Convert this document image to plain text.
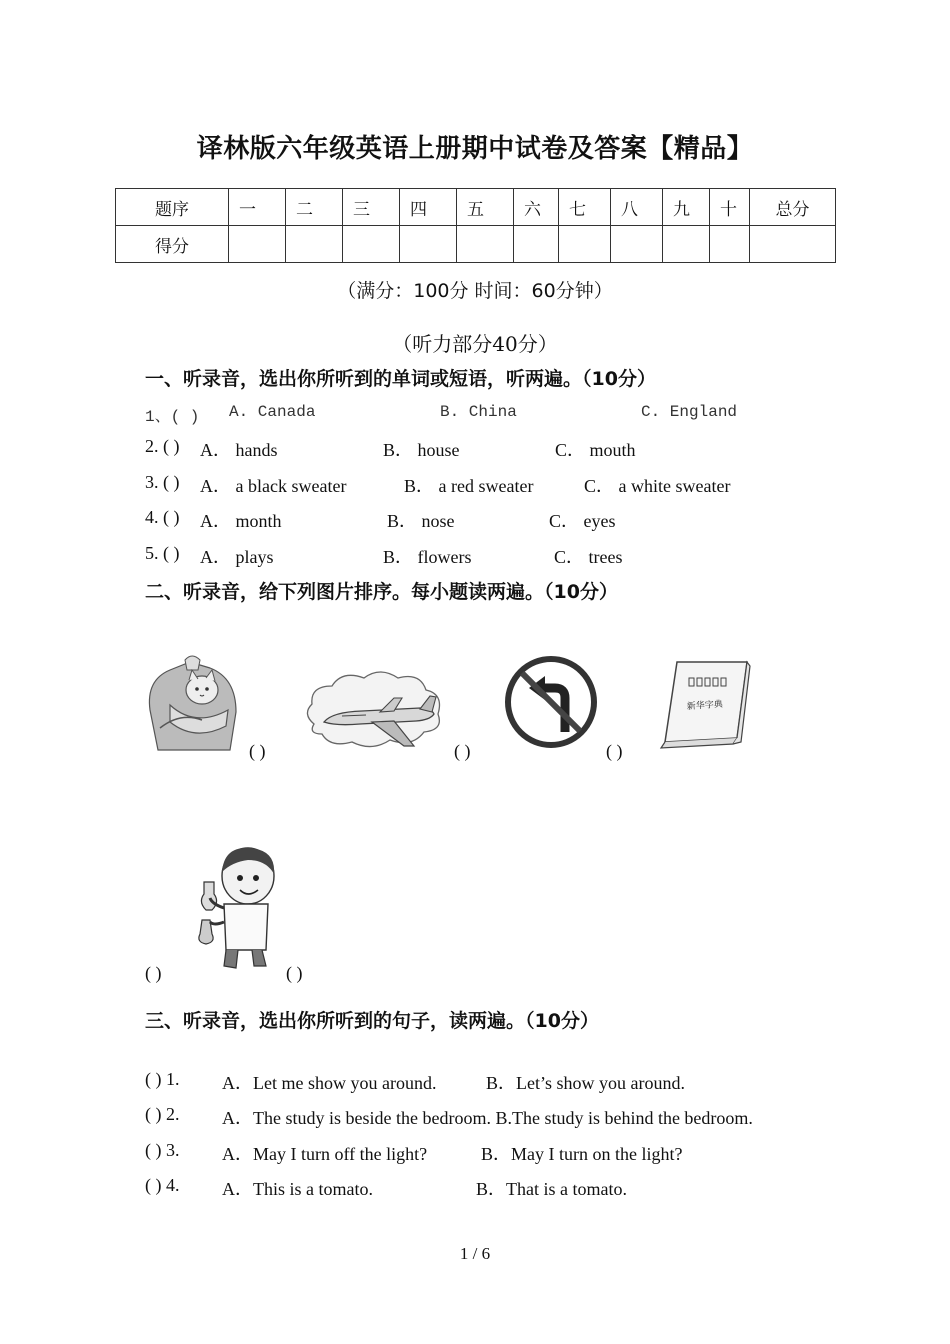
译林版六年级英语上册期中试卷及答案【精品】
题序	一	二	三	四	五	六	七	八	九	十	总分
得分											
（满分：100分 时间：60分钟）
（听力部分40分）
一、听录音，选出你所听到的单词或短语，听两遍。（10分）
1、( ) A. Canada	B. China	C. England
2. ( ) A． hands	B． house	C． mouth
3. ( ) A． a black sweater	B． a red sweater	C． a white sweater
4. ( ) A． month	B． nose	C． eyes
5. ( ) A． plays	B． flowers	C． trees
二、听录音，给下列图片排序。每小题读两遍。（10分）
( )	( )	( )
新华字典
( )	( )
三、听录音，选出你所听到的句子，读两遍。（10分）
( ) 1. A．Let me show you around.	B．Let’s show you around.
( ) 2. A．The study is beside the bedroom. B.The study is behind the bedroom.
( ) 3. A．May I turn off the light?	B．May I turn on the light?
( ) 4. A．This is a tomato.	B．That is a tomato.
1 / 6
